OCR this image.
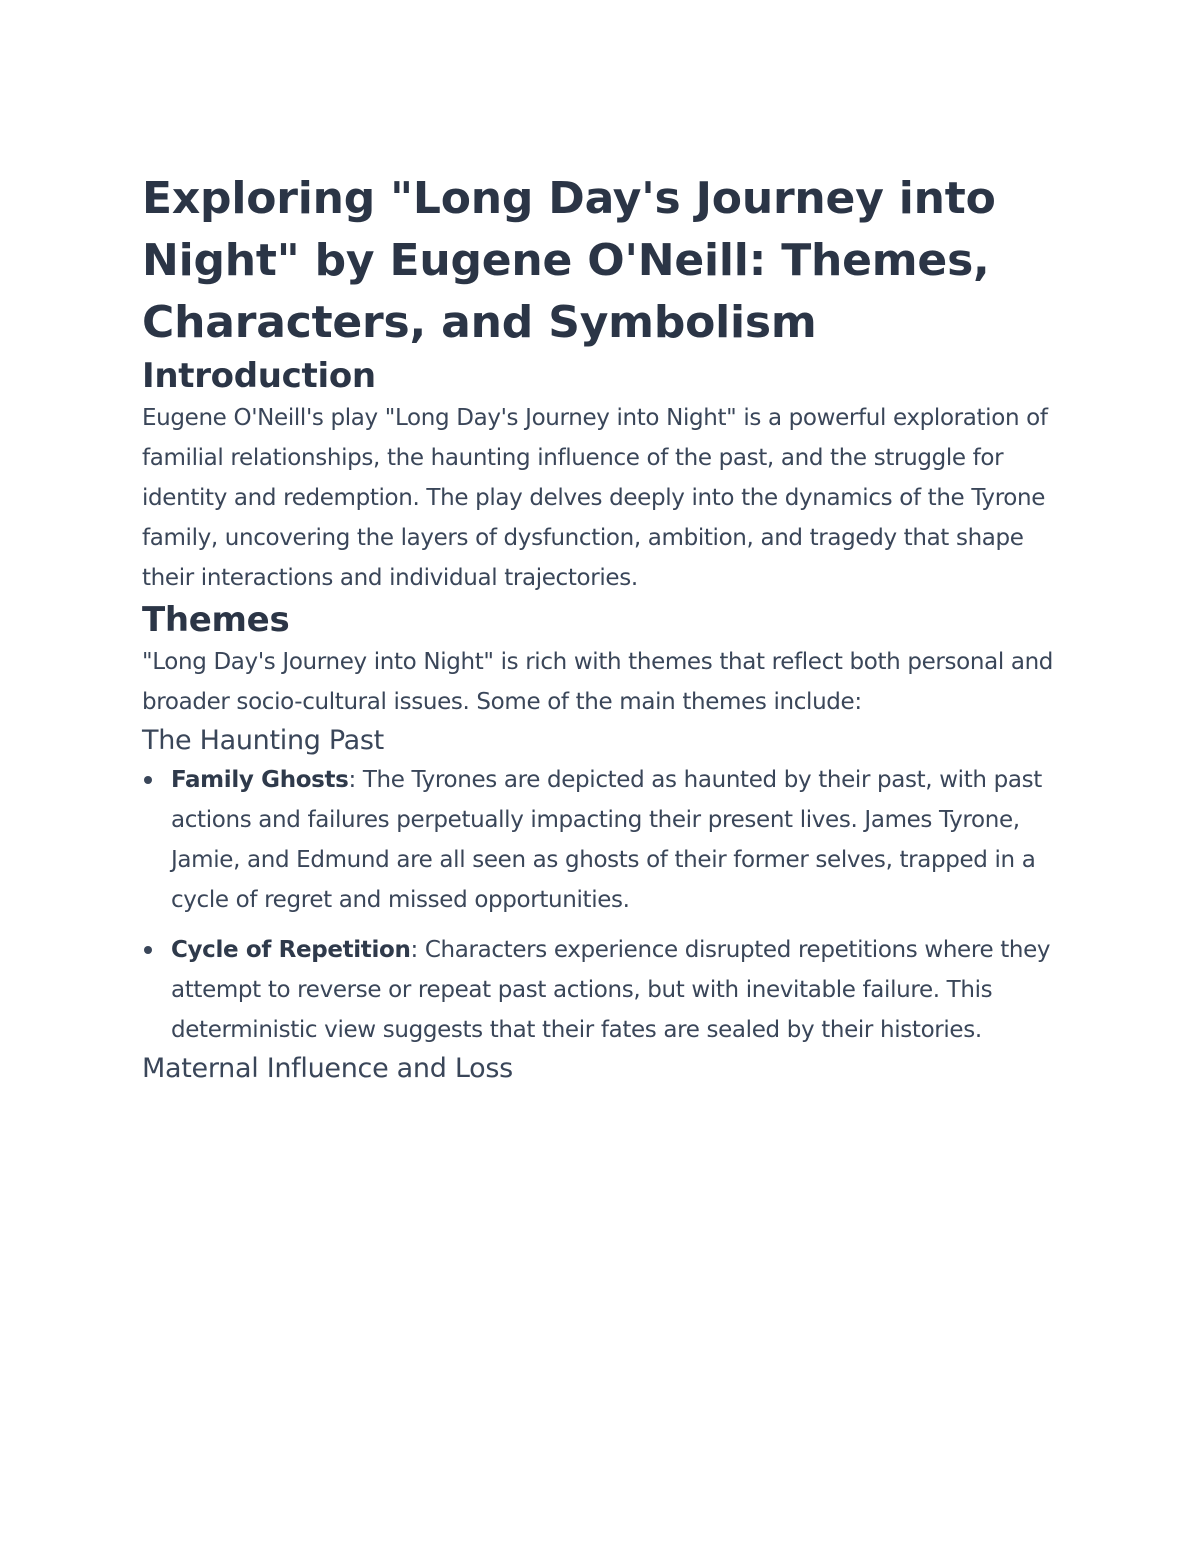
Exploring "Long Day's Journey into Night" by Eugene O'Neill: Themes, Characters, and Symbolism
Introduction

Eugene O'Neill's play "Long Day's Journey into Night" is a powerful exploration of familial relationships, the haunting influence of the past, and the struggle for identity and redemption. The play delves deeply into the dynamics of the Tyrone family, uncovering the layers of dysfunction, ambition, and tragedy that shape their interactions and individual trajectories.

Themes

"Long Day's Journey into Night" is rich with themes that reflect both personal and broader socio-cultural issues. Some of the main themes include:

The Haunting Past
Family Ghosts: The Tyrones are depicted as haunted by their past, with past actions and failures perpetually impacting their present lives. James Tyrone, Jamie, and Edmund are all seen as ghosts of their former selves, trapped in a cycle of regret and missed opportunities.
Cycle of Repetition: Characters experience disrupted repetitions where they attempt to reverse or repeat past actions, but with inevitable failure. This deterministic view suggests that their fates are sealed by their histories.
Maternal Influence and Loss
